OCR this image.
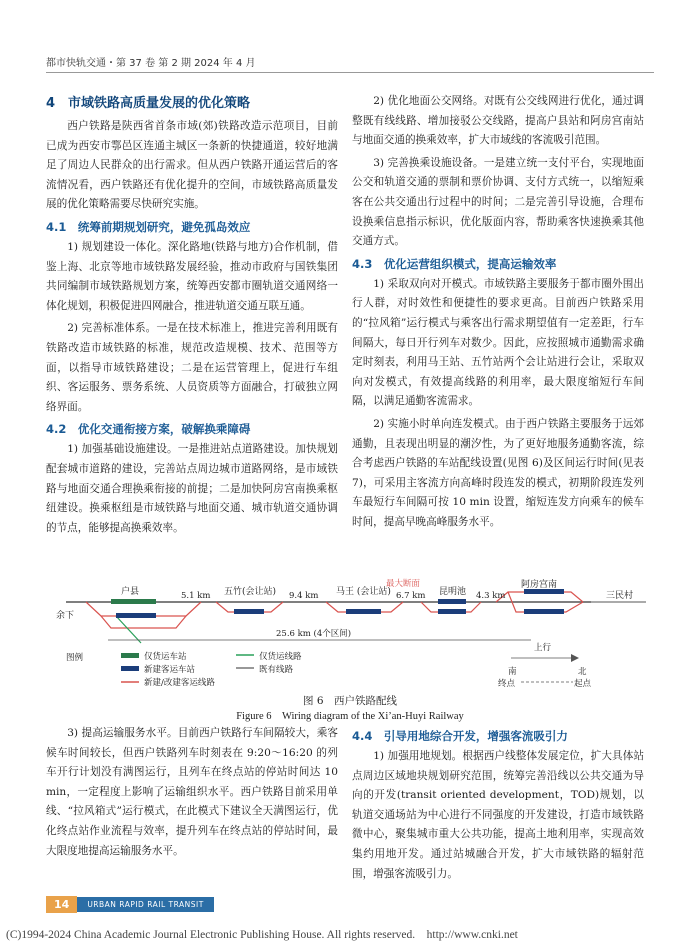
都市快轨交通・第 37 卷 第 2 期 2024 年 4 月
4　市域铁路高质量发展的优化策略

西户铁路是陕西省首条市域(郊)铁路改造示范项目，目前已成为西安市鄠邑区连通主城区一条新的快捷通道，较好地满足了周边人民群众的出行需求。但从西户铁路开通运营后的客流情况看，西户铁路还有优化提升的空间，市域铁路高质量发展的优化策略需要尽快研究实施。

4.1　统筹前期规划研究，避免孤岛效应

1) 规划建设一体化。深化路地(铁路与地方)合作机制，借鉴上海、北京等地市域铁路发展经验，推动市政府与国铁集团共同编制市域铁路规划方案，统筹西安都市圈轨道交通网络一体化规划，积极促进四网融合，推进轨道交通互联互通。

2) 完善标准体系。一是在技术标准上，推进完善利用既有铁路改造市域铁路的标准，规范改造规模、技术、范围等方面，以指导市域铁路建设；二是在运营管理上，促进行车组织、客运服务、票务系统、人员资质等方面融合，打破独立网络界面。

4.2　优化交通衔接方案，破解换乘障碍

1) 加强基础设施建设。一是推进站点道路建设。加快规划配套城市道路的建设，完善站点周边城市道路网络，是市域铁路与地面交通合理换乘衔接的前提；二是加快阿房宫南换乘枢纽建设。换乘枢纽是市域铁路与地面交通、城市轨道交通协调的节点，能够提高换乘效率。

2) 优化地面公交网络。对既有公交线网进行优化，通过调整既有线线路、增加接驳公交线路，提高户县站和阿房宫南站与地面交通的换乘效率，扩大市域线的客流吸引范围。

3) 完善换乘设施设备。一是建立统一支付平台，实现地面公交和轨道交通的票制和票价协调、支付方式统一，以缩短乘客在公共交通出行过程中的时间；二是完善引导设施，合理布设换乘信息指示标识，优化版面内容，帮助乘客快速换乘其他交通方式。

4.3　优化运营组织模式，提高运输效率

1) 采取双向对开模式。市域铁路主要服务于都市圈外围出行人群，对时效性和便捷性的要求更高。目前西户铁路采用的“拉风箱”运行模式与乘客出行需求期望值有一定差距，行车间隔大，每日开行列车对数少。因此，应按照城市通勤需求确定时刻表，利用马王站、五竹站两个会让站进行会让，采取双向对发模式，有效提高线路的利用率，最大限度缩短行车间隔，以满足通勤客流需求。

2) 实施小时单向连发模式。由于西户铁路主要服务于远郊通勤，且表现出明显的潮汐性，为了更好地服务通勤客流，综合考虑西户铁路的车站配线设置(见图 6)及区间运行时间(见表 7)，可采用主客流方向高峰时段连发的模式，初期阶段连发列车最短行车间隔可按 10 min 设置，缩短连发方向乘车的候车时间，提高早晚高峰服务水平。

余下
户县	五竹(会让站)	马王 (会让站)	昆明池
阿房宫南
三民村
5.1 km	9.4 km	6.7 km	4.3 km
最大断面
25.6 km (4个区间)
图例	仅货运车站
新建客运车站
新建/改建客运线路
仅货运线路
既有线路
上行
南	北
终点	起点
图 6　西户铁路配线
Figure 6　Wiring diagram of the Xi’an-Huyi Railway

3) 提高运输服务水平。目前西户铁路行车间隔较大，乘客候车时间较长，但西户铁路列车时刻表在 9:20～16:20 的列车开行计划没有满图运行，且列车在终点站的停站时间达 10 min，一定程度上影响了运输组织水平。西户铁路目前采用单线、“拉风箱式”运行模式，在此模式下建议全天满图运行，优化终点站作业流程与效率，提升列车在终点站的停站时间，最大限度地提高运输服务水平。

4.4　引导用地综合开发，增强客流吸引力

1) 加强用地规划。根据西户线整体发展定位，扩大具体站点周边区域地块规划研究范围，统筹完善沿线以公共交通为导向的开发(transit oriented development，TOD)规划，以轨道交通场站为中心进行不同强度的开发建设，打造市域铁路微中心，聚集城市重大公共功能，提高土地利用率，实现高效集约用地开发。通过站城融合开发，扩大市域铁路的辐射范围，增强客流吸引力。

14	URBAN RAPID RAIL TRANSIT
(C)1994-2024 China Academic Journal Electronic Publishing House. All rights reserved.　http://www.cnki.net
